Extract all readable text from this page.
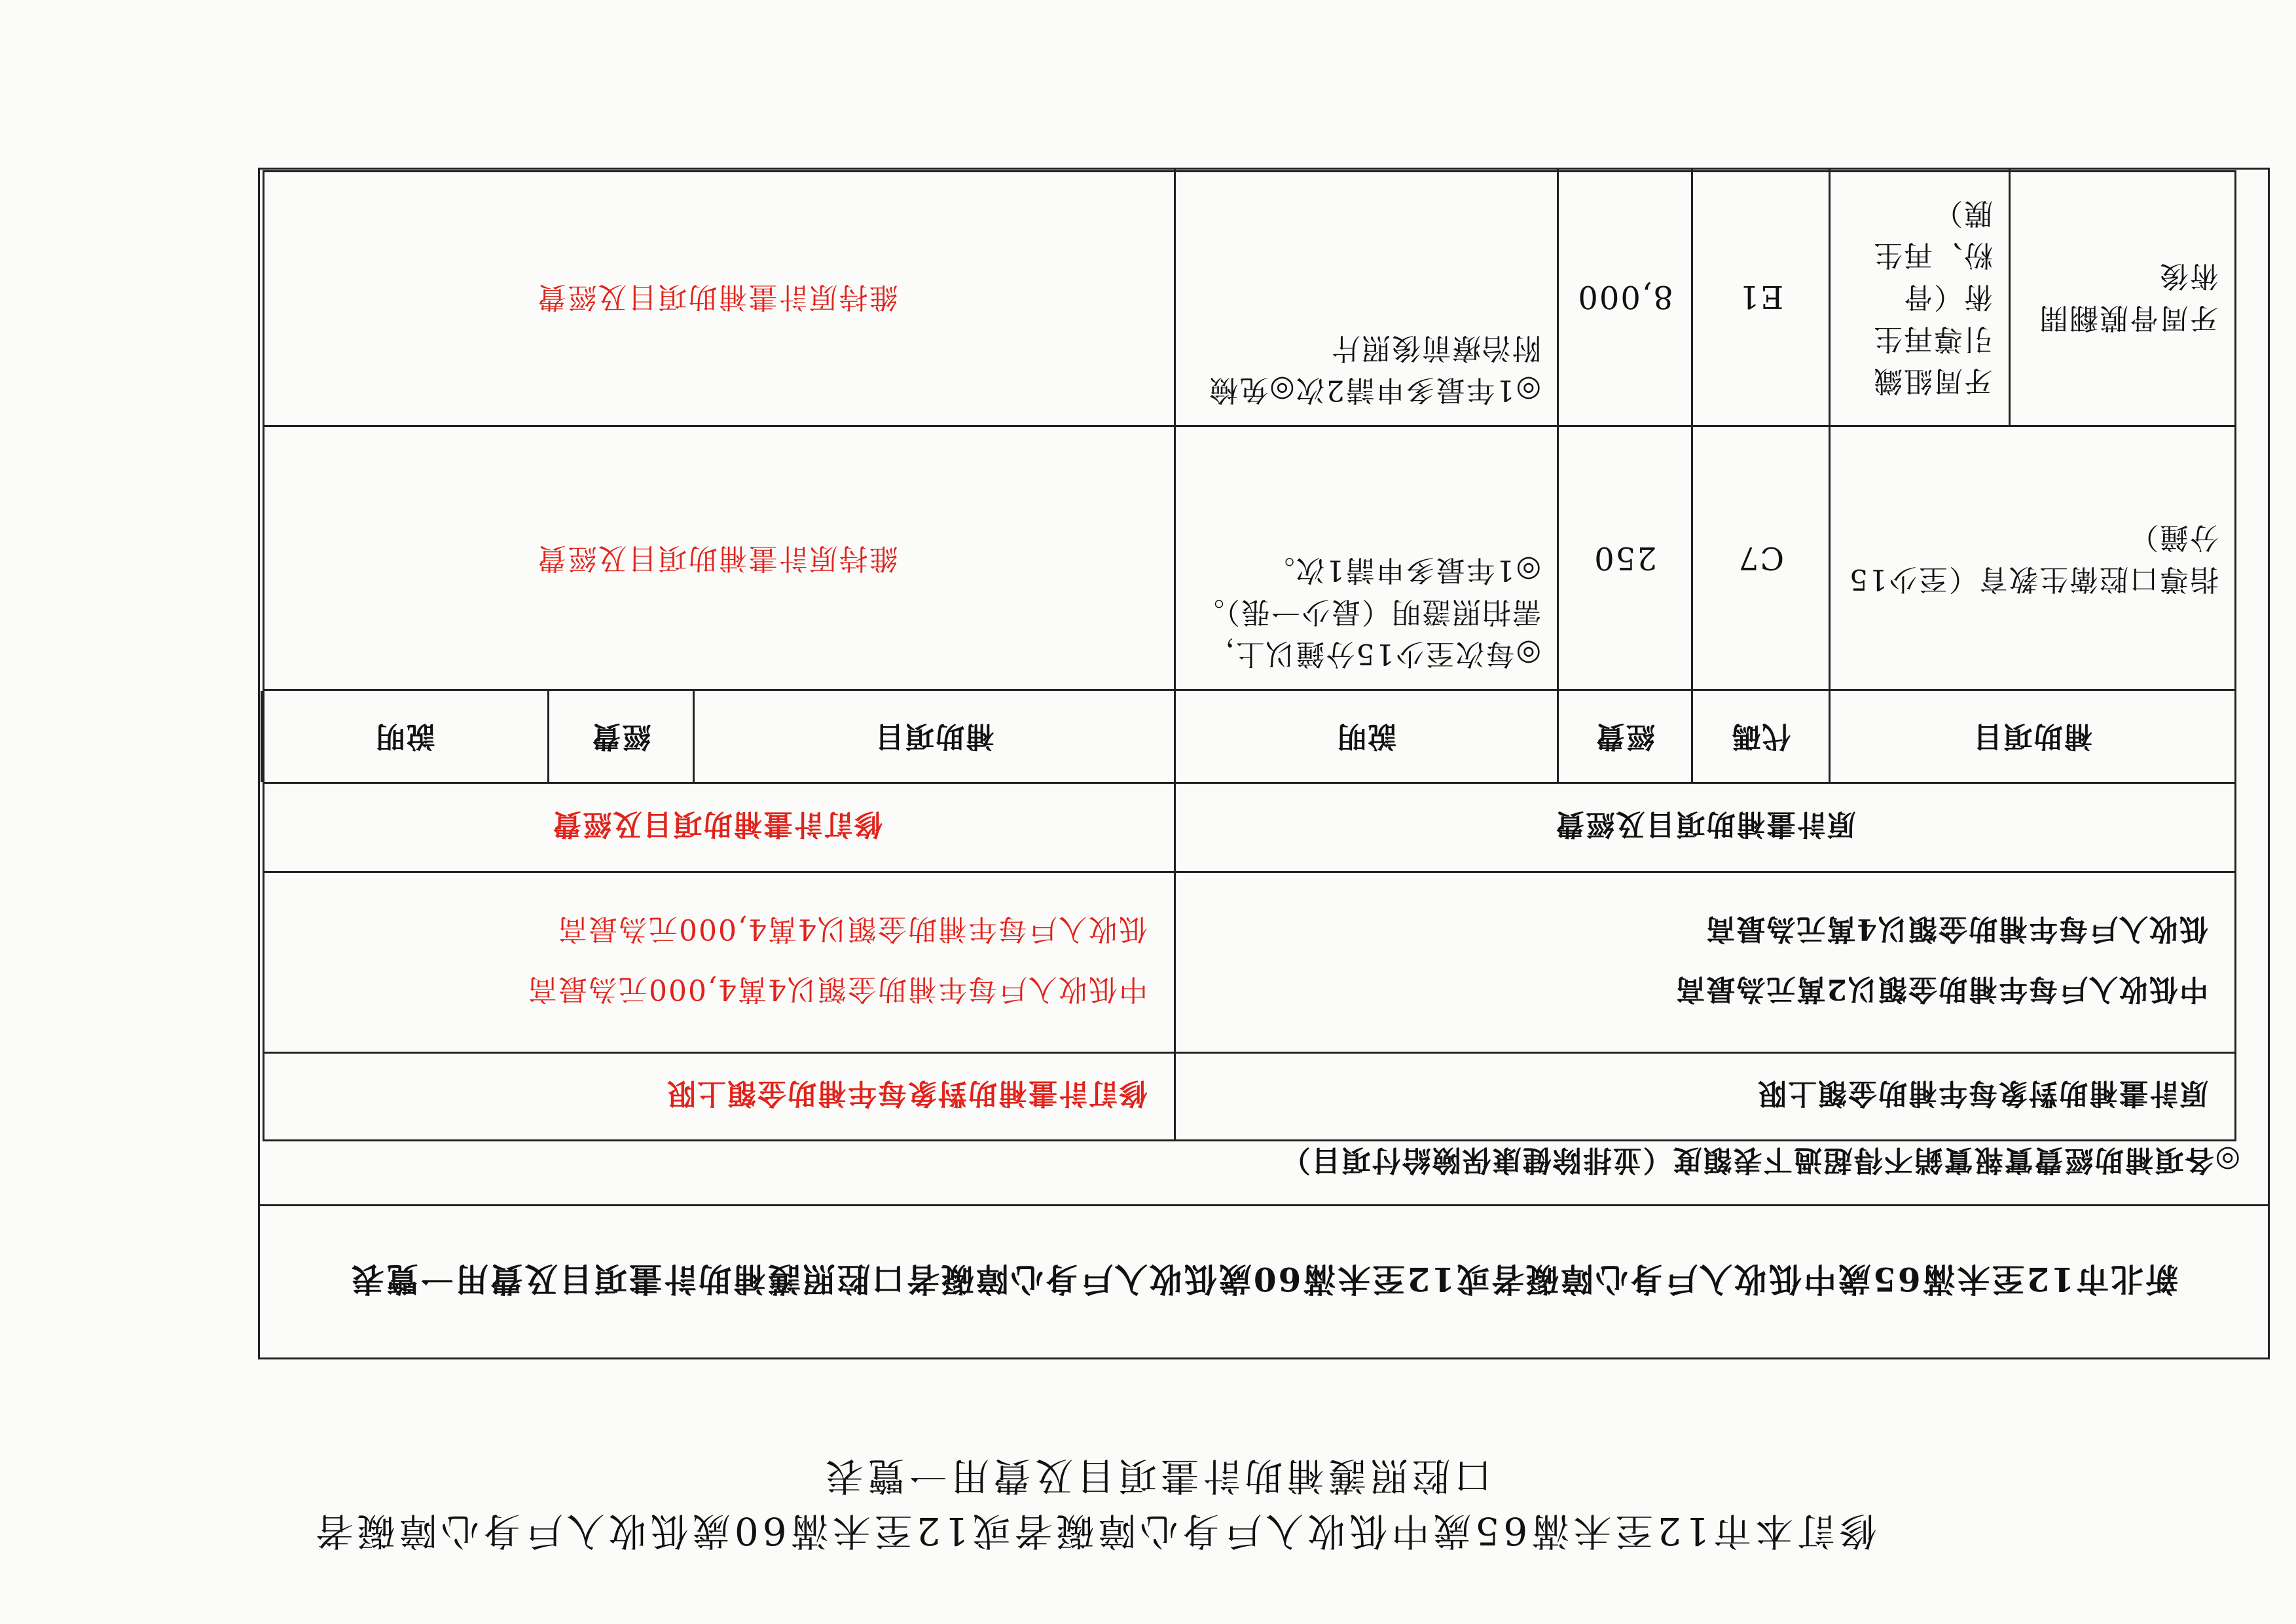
修訂本市12至未滿65歲中低收入戶身心障礙者或12至未滿60歲低收入戶身心障礙者
口腔照護補助計畫項目及費用一覽表
新北市12至未滿65歲中低收入戶身心障礙者或12至未滿60歲低收入戶身心障礙者口腔照護補助計畫項目及費用一覽表
◎各項補助經費實報實銷不得超過下表額度（並排除健康保險給付項目）
原計畫補助對象每年補助金額上限
修訂計畫補助對象每年補助金額上限
中低收入戶每年補助金額以2萬元為最高
低收入戶每年補助金額以4萬元為最高
中低收入戶每年補助金額以4萬4,000元為最高
低收入戶每年補助金額以4萬4,000元為最高
原計畫補助項目及經費
修訂計畫補助項目及經費
補助項目
代碼
經費
說明
補助項目
經費
說明
指導口腔衛生教育（至少15分鐘）
C7
250
◎每次至少15分鐘以上，需拍照證明（最少一張）。◎1年最多申請1次。
維持原計畫補助項目及經費
牙周骨膜翻開術後
牙周組織引導再生術（骨粉、再生膜）
E1
8,000
◎1年最多申請2次◎免檢附治療前後照片
維持原計畫補助項目及經費
